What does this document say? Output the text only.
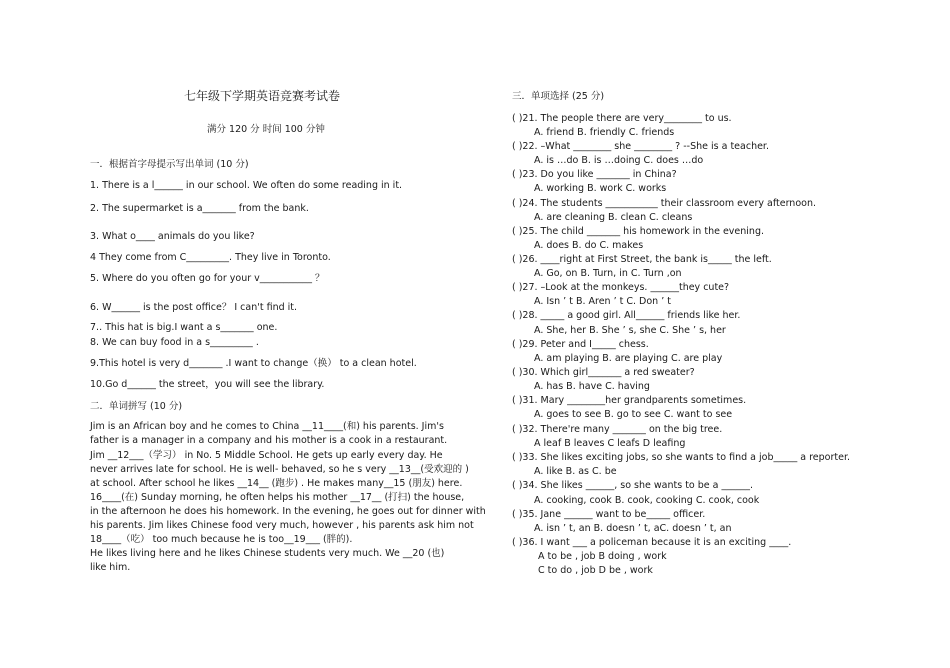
七年级下学期英语竞赛考试卷
满分 120 分 时间 100 分钟
一．根据首字母提示写出单词 (10 分)
1. There is a l______ in our school. We often do some reading in it.
2. The supermarket is a_______ from the bank.
3. What o____ animals do you like?
4 They come from C_________. They live in Toronto.
5. Where do you often go for your v___________ ？
6. W______ is the post office？ I can't find it.
7.. This hat is big.I want a s_______ one.
8. We can buy food in a s_________ .
9.This hotel is very d_______ .I want to change（换） to a clean hotel.
10.Go d______ the street，you will see the library.
二．单词拼写 (10 分)
Jim is an African boy and he comes to China __11____(和) his parents. Jim's
father is a manager in a company and his mother is a cook in a restaurant.
Jim __12___（学习） in No. 5 Middle School. He gets up early every day. He
never arrives late for school. He is well- behaved, so he s very __13__(受欢迎的 )
at school. After school he likes __14__ (跑步) . He makes many__15 (朋友) here.
16____(在) Sunday morning, he often helps his mother __17__ (打扫) the house,
in the afternoon he does his homework. In the evening, he goes out for dinner with
his parents. Jim likes Chinese food very much, however , his parents ask him not
18____（吃） too much because he is too__19___ (胖的).
He likes living here and he likes Chinese students very much. We __20 (也)
like him.
三．单项选择 (25 分)
( )21. The people there are very________ to us.
A. friend B. friendly C. friends
( )22. –What ________ she ________ ? --She is a teacher.
A. is …do B. is …doing C. does …do
( )23. Do you like _______ in China?
A. working B. work C. works
( )24. The students ___________ their classroom every afternoon.
A. are cleaning B. clean C. cleans
( )25. The child _______ his homework in the evening.
A. does B. do C. makes
( )26. ____right at First Street, the bank is_____ the left.
A. Go, on B. Turn, in C. Turn ,on
( )27. –Look at the monkeys. ______they cute?
A. Isn ’ t B. Aren ’ t C. Don ’ t
( )28. _____ a good girl. All______ friends like her.
A. She, her B. She ’ s, she C. She ’ s, her
( )29. Peter and I_____ chess.
A. am playing B. are playing C. are play
( )30. Which girl_______ a red sweater?
A. has B. have C. having
( )31. Mary ________her grandparents sometimes.
A. goes to see B. go to see C. want to see
( )32. There're many _______ on the big tree.
A leaf B leaves C leafs D leafing
( )33. She likes exciting jobs, so she wants to find a job_____ a reporter.
A. like B. as C. be
( )34. She likes ______, so she wants to be a ______.
A. cooking, cook B. cook, cooking C. cook, cook
( )35. Jane ______ want to be_____ officer.
A. isn ’ t, an B. doesn ’ t, aC. doesn ’ t, an
( )36. I want ___ a policeman because it is an exciting ____.
A to be , job B doing , work
C to do , job D be , work
